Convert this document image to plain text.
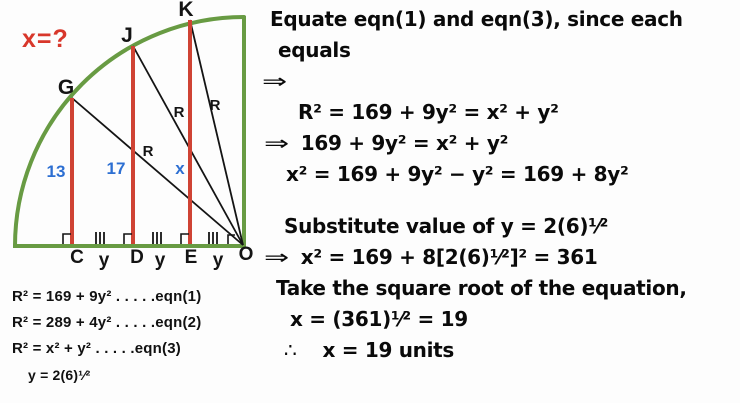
x=?
G
J
K
R
R R
13 17	x
C y D y E y O
R² = 169 + 9y² . . . . .eqn(1)
R² = 289 + 4y² . . . . .eqn(2)
R² = x² + y² . . . . .eqn(3)
y = 2(6)¹⁄²
Equate eqn(1) and eqn(3), since each
equals
⇒
R² = 169 + 9y² = x² + y²
⇒ 169 + 9y² = x² + y²
x² = 169 + 9y² − y² = 169 + 8y²
Substitute value of y = 2(6)¹⁄²
⇒ x² = 169 + 8[2(6)¹⁄²]² = 361
Take the square root of the equation,
x = (361)¹⁄² = 19
∴ x = 19 units
